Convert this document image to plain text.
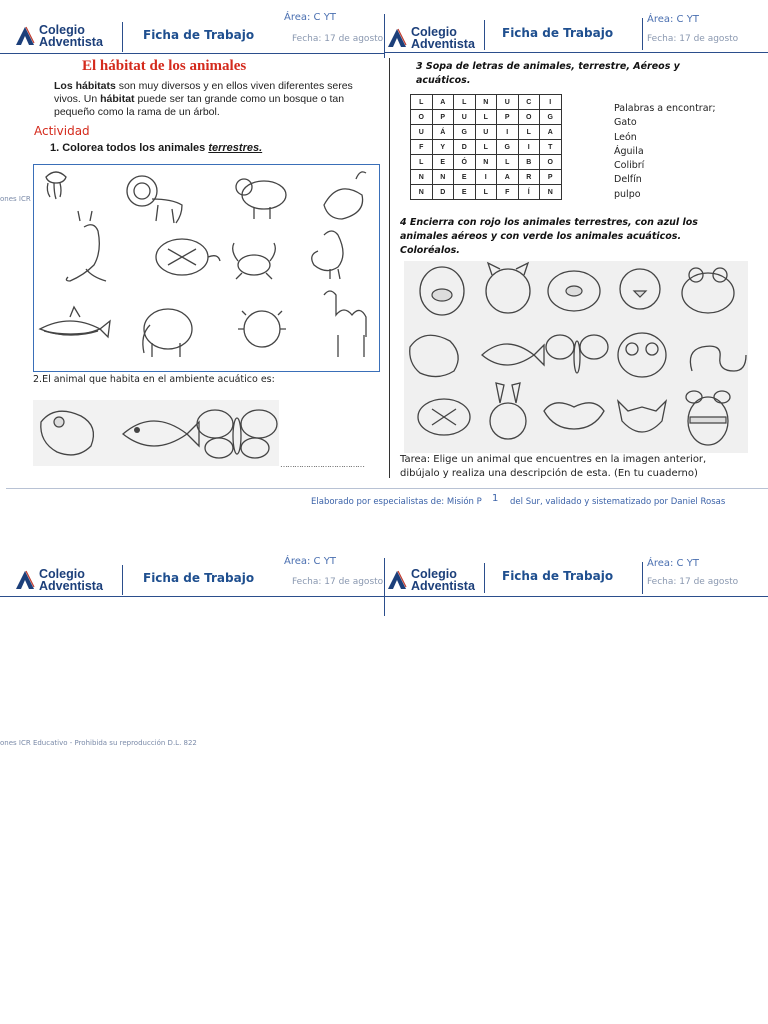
Colegio
Adventista	Ficha de Trabajo
Área: C YT
Fecha: 17 de agosto Colegio
Adventista
Ficha de Trabajo
Área: C YT
Fecha: 17 de agosto
El hábitat de los animales
Los hábitats son muy diversos y en ellos viven diferentes seres vivos. Un hábitat puede ser tan grande como un bosque o tan pequeño como la rama de un árbol.
Actividad
1. Colorea todos los animales terrestres.
2.El animal que habita en el ambiente acuático es:
………………………………
ones ICR
3 Sopa de letras de animales, terrestre, Aéreos y acuáticos.
L	A	L	N	U	C	I
O	P	U	L	P	O	G
U	Á	G	U	I	L	A
F	Y	D	L	G	I	T
L	E	Ó	N	L	B	O
N	N	E	I	A	R	P
N	D	E	L	F	Í	N
Palabras a encontrar;
Gato
León
Águila
Colibrí
Delfín
pulpo
4 Encierra con rojo los animales terrestres, con azul los animales aéreos y con verde los animales acuáticos. Coloréalos.
Tarea: Elige un animal que encuentres en la imagen anterior, dibújalo y realiza una descripción de esta. (En tu cuaderno)
Elaborado por especialistas de: Misión P 1 del Sur, validado y sistematizado por Daniel Rosas
Colegio
Adventista
Ficha de Trabajo
Área: C YT
Fecha: 17 de agosto
Colegio
Adventista
Ficha de Trabajo
Área: C YT
Fecha: 17 de agosto
ones ICR Educativo - Prohibida su reproducción D.L. 822
